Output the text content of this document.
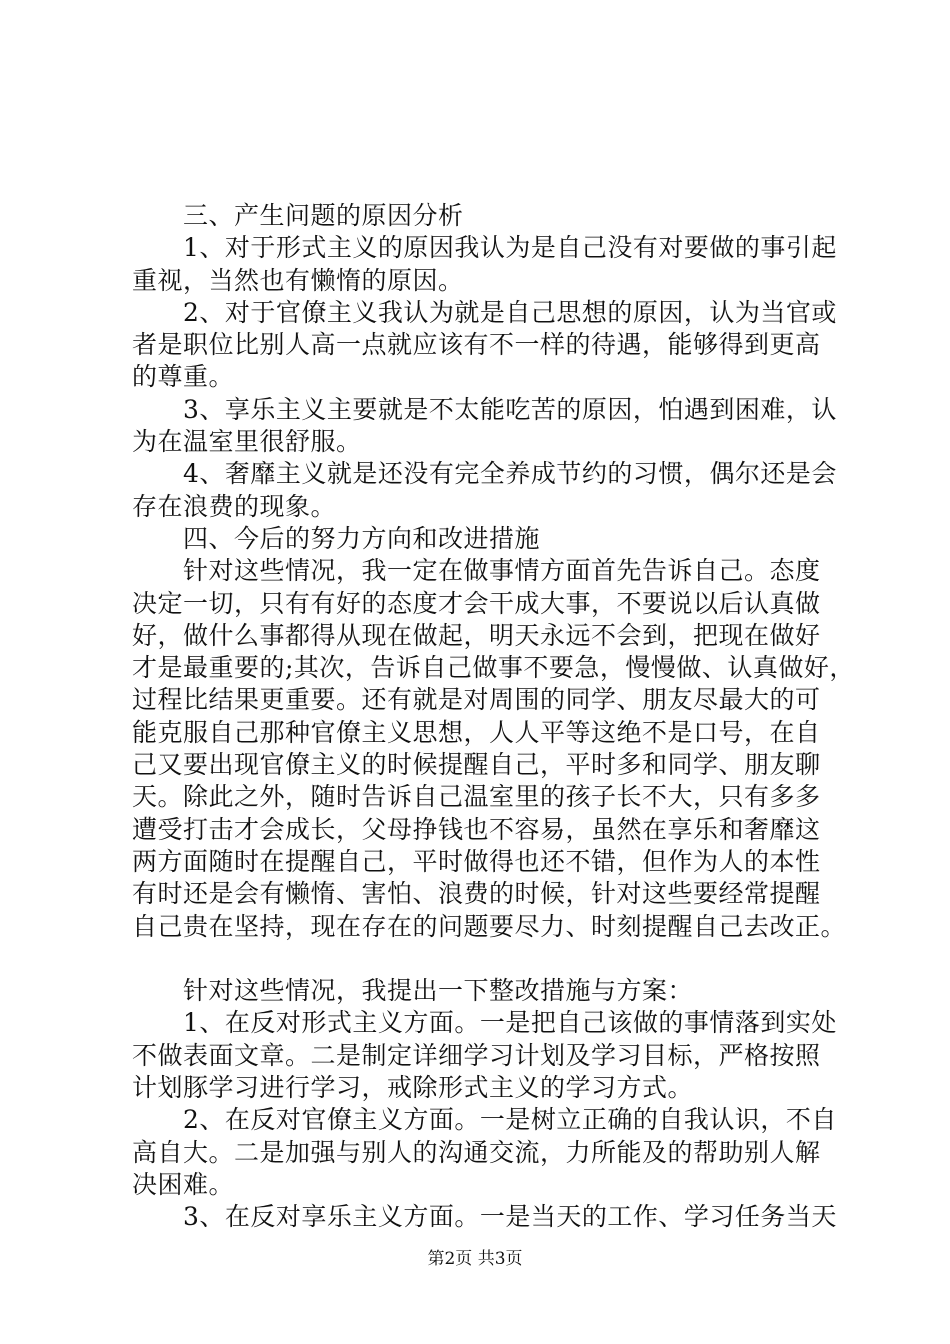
　　三、产生问题的原因分析
　　1、对于形式主义的原因我认为是自己没有对要做的事引起
重视，当然也有懒惰的原因。
　　2、对于官僚主义我认为就是自己思想的原因，认为当官或
者是职位比别人高一点就应该有不一样的待遇，能够得到更高
的尊重。
　　3、享乐主义主要就是不太能吃苦的原因，怕遇到困难，认
为在温室里很舒服。
　　4、奢靡主义就是还没有完全养成节约的习惯，偶尔还是会
存在浪费的现象。
　　四、今后的努力方向和改进措施
　　针对这些情况，我一定在做事情方面首先告诉自己。态度
决定一切，只有有好的态度才会干成大事，不要说以后认真做
好，做什么事都得从现在做起，明天永远不会到，把现在做好
才是最重要的;其次，告诉自己做事不要急，慢慢做、认真做好，
过程比结果更重要。还有就是对周围的同学、朋友尽最大的可
能克服自己那种官僚主义思想，人人平等这绝不是口号，在自
己又要出现官僚主义的时候提醒自己，平时多和同学、朋友聊
天。除此之外，随时告诉自己温室里的孩子长不大，只有多多
遭受打击才会成长，父母挣钱也不容易，虽然在享乐和奢靡这
两方面随时在提醒自己，平时做得也还不错，但作为人的本性
有时还是会有懒惰、害怕、浪费的时候，针对这些要经常提醒
自己贵在坚持，现在存在的问题要尽力、时刻提醒自己去改正。
　　针对这些情况，我提出一下整改措施与方案：
　　1、在反对形式主义方面。一是把自己该做的事情落到实处
不做表面文章。二是制定详细学习计划及学习目标，严格按照
计划豚学习进行学习，戒除形式主义的学习方式。
　　2、在反对官僚主义方面。一是树立正确的自我认识，不自
高自大。二是加强与别人的沟通交流，力所能及的帮助别人解
决困难。
　　3、在反对享乐主义方面。一是当天的工作、学习任务当天
第2页 共3页
